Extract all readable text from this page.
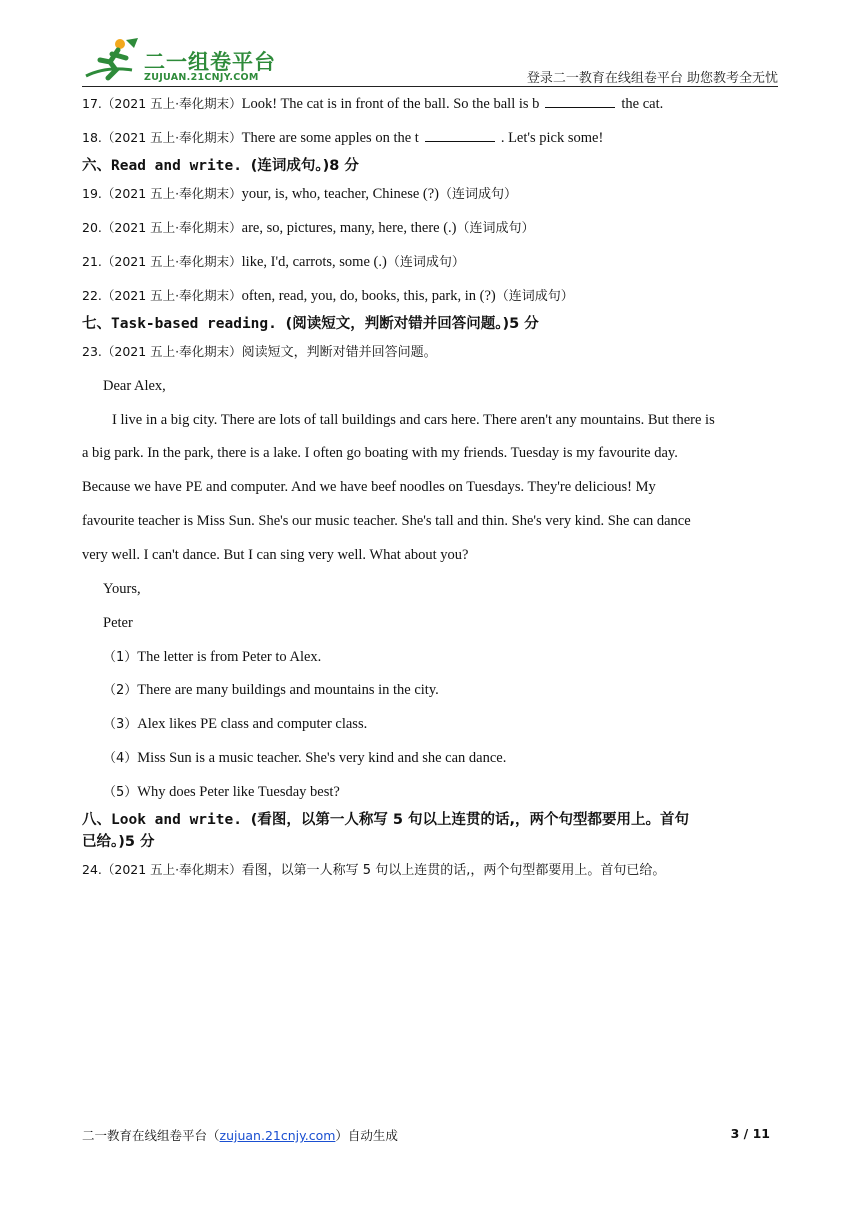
二一组卷平台
ZUJUAN.21CNJY.COM	登录二一教育在线组卷平台 助您教考全无忧
17.（2021 五上·奉化期末）Look! The cat is in front of the ball. So the ball is b	the cat.
18.（2021 五上·奉化期末）There are some apples on the t	. Let's pick some!
六、Read and write. (连词成句。)8 分
19.（2021 五上·奉化期末）your, is, who, teacher, Chinese (?)（连词成句）
20.（2021 五上·奉化期末）are, so, pictures, many, here, there (.)（连词成句）
21.（2021 五上·奉化期末）like, I'd, carrots, some (.)（连词成句）
22.（2021 五上·奉化期末）often, read, you, do, books, this, park, in (?)（连词成句）
七、Task-based reading. (阅读短文，判断对错并回答问题。)5 分
23.（2021 五上·奉化期末）阅读短文，判断对错并回答问题。
Dear Alex,
I live in a big city. There are lots of tall buildings and cars here. There aren't any mountains. But there is
a big park. In the park, there is a lake. I often go boating with my friends. Tuesday is my favourite day.
Because we have PE and computer. And we have beef noodles on Tuesdays. They're delicious! My
favourite teacher is Miss Sun. She's our music teacher. She's tall and thin. She's very kind. She can dance
very well. I can't dance. But I can sing very well. What about you?
Yours,
Peter
（1）The letter is from Peter to Alex.
（2）There are many buildings and mountains in the city.
（3）Alex likes PE class and computer class.
（4）Miss Sun is a music teacher. She's very kind and she can dance.
（5）Why does Peter like Tuesday best?
八、Look and write. (看图，以第一人称写 5 句以上连贯的话,，两个句型都要用上。首句
已给。)5 分
24.（2021 五上·奉化期末）看图，以第一人称写 5 句以上连贯的话,，两个句型都要用上。首句已给。
二一教育在线组卷平台（zujuan.21cnjy.com）自动生成	3 / 11
